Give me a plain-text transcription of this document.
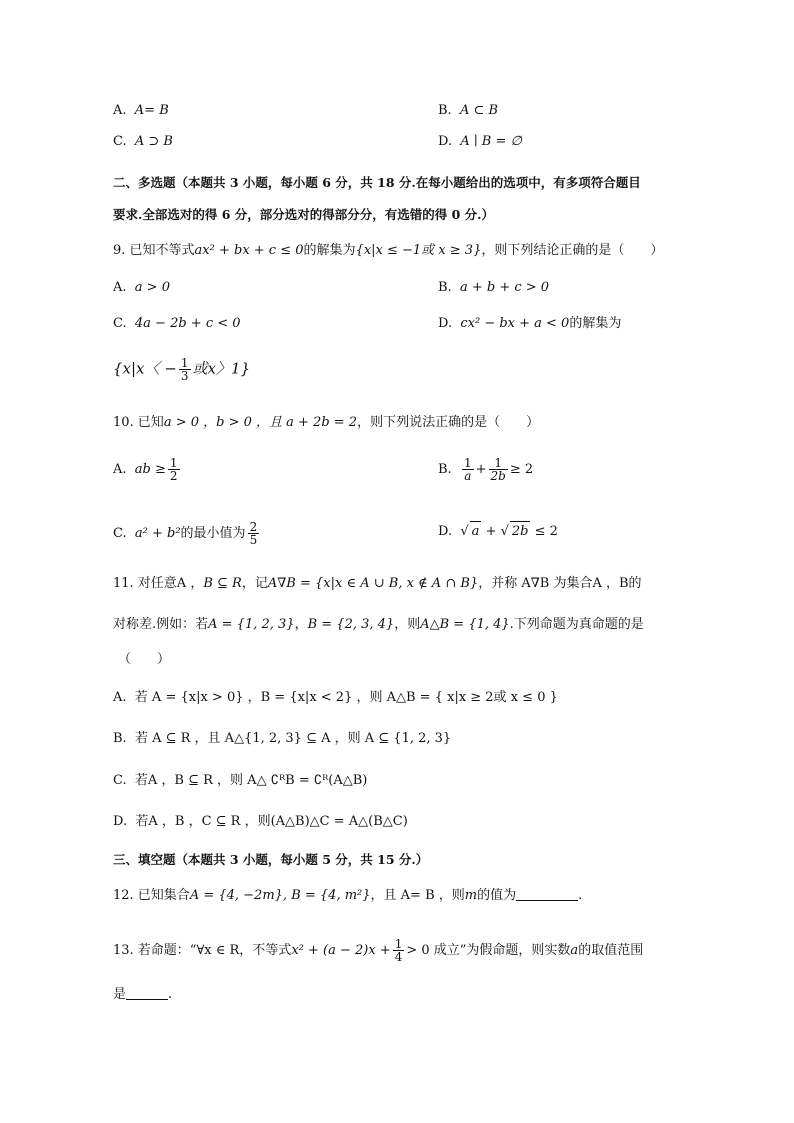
A. A= B	B. A ⊂ B
C. A ⊃ B	D. A ∣ B = ∅
二、多选题（本题共 3 小题，每小题 6 分，共 18 分.在每小题给出的选项中，有多项符合题目
要求.全部选对的得 6 分，部分选对的得部分分，有选错的得 0 分.）
9. 已知不等式ax² + bx + c ≤ 0的解集为{x|x ≤ −1或 x ≥ 3}，则下列结论正确的是（　　）
A. a > 0	B. a + b + c > 0
C. 4a − 2b + c < 0	D. cx² − bx + a < 0的解集为
{x|x〈 − $\frac{1}{3}$ 或x〉1}
10. 已知a > 0 ，b > 0 ，且 a + 2b = 2，则下列说法正确的是（　　）
A. ab ≥ $\frac{1}{2}$	B. $\frac{1}{a} + \frac{1}{2b} \ge 2$
C. a² + b²的最小值为 $\frac{2}{5}$	D.  √ a + √ 2b ≤ 2
11. 对任意A ，B ⊆ R，记A∇B = {x|x ∈ A ∪ B, x ∉ A ∩ B}，并称 A∇B 为集合A ，B的
对称差.例如：若A = {1, 2, 3}，B = {2, 3, 4}，则A△B = {1, 4}.下列命题为真命题的是
（　　）
A. 若 A = {x|x > 0} ，B = {x|x < 2} ，则 A△B = { x|x ≥ 2或 x ≤ 0 }
B. 若 A ⊆ R ，且 A△{1, 2, 3} ⊆ A ，则 A ⊆ {1, 2, 3}
C. 若A ，B ⊆ R ，则 A△ ∁ᴿB = ∁ᴿ(A△B)
D. 若A ，B ，C ⊆ R ，则(A△B)△C = A△(B△C)
三、填空题（本题共 3 小题，每小题 5 分，共 15 分.）
12. 已知集合A = {4, −2m}, B = {4, m²}，且 A= B ，则m的值为	.
13. 若命题：“∀x ∈ R，不等式$x^2 + (a - 2)x + \frac{1}{4} > 0$ 成立”为假命题，则实数a的取值范围
是	.
